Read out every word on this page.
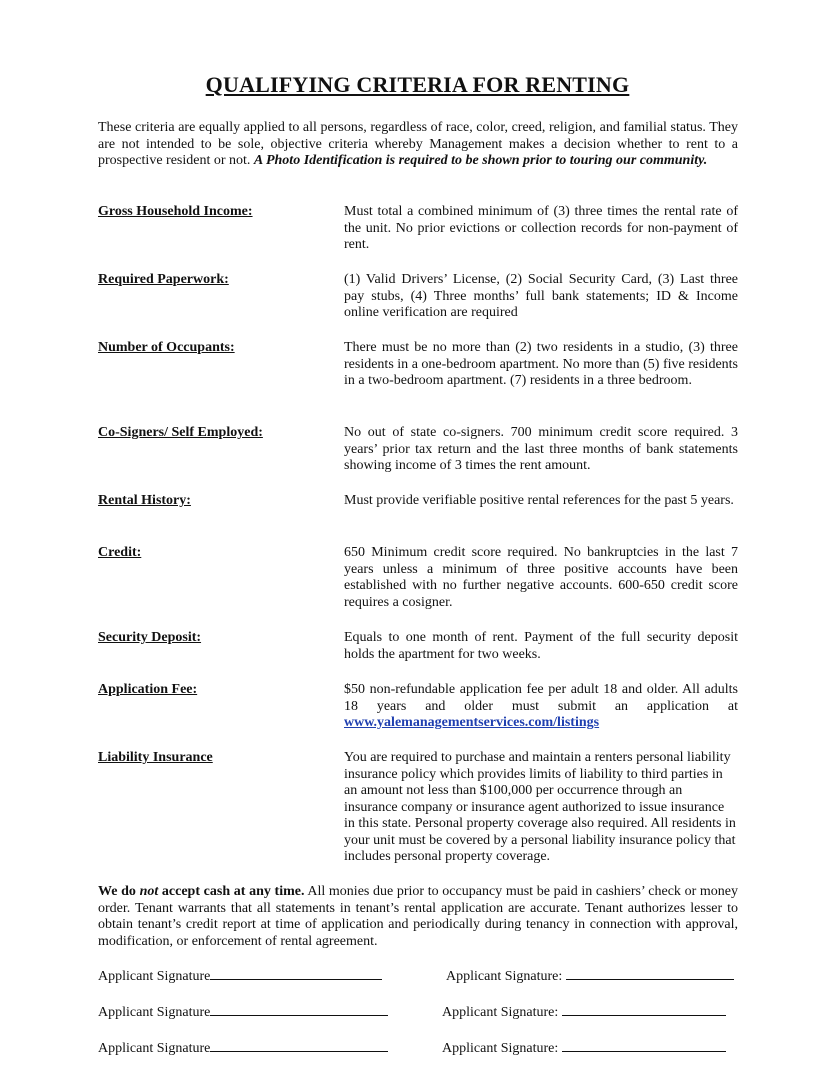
QUALIFYING CRITERIA FOR RENTING
These criteria are equally applied to all persons, regardless of race, color, creed, religion, and familial status. They are not intended to be sole, objective criteria whereby Management makes a decision whether to rent to a prospective resident or not. A Photo Identification is required to be shown prior to touring our community.
Gross Household Income:	Must total a combined minimum of (3) three times the rental rate of the unit. No prior evictions or collection records for non-payment of rent.
Required Paperwork:	(1) Valid Drivers’ License, (2) Social Security Card, (3) Last three pay stubs, (4) Three months’ full bank statements; ID & Income online verification are required
Number of Occupants:	There must be no more than (2) two residents in a studio, (3) three residents in a one-bedroom apartment. No more than (5) five residents in a two-bedroom apartment. (7) residents in a three bedroom.
Co-Signers/ Self Employed:	No out of state co-signers. 700 minimum credit score required. 3 years’ prior tax return and the last three months of bank statements showing income of 3 times the rent amount.
Rental History:	Must provide verifiable positive rental references for the past 5 years.
Credit:	650 Minimum credit score required. No bankruptcies in the last 7 years unless a minimum of three positive accounts have been established with no further negative accounts. 600-650 credit score requires a cosigner.
Security Deposit:	Equals to one month of rent. Payment of the full security deposit holds the apartment for two weeks.
Application Fee:	$50 non-refundable application fee per adult 18 and older. All adults 18 years and older must submit an application at www.yalemanagementservices.com/listings
Liability Insurance	You are required to purchase and maintain a renters personal liability insurance policy which provides limits of liability to third parties in an amount not less than $100,000 per occurrence through an insurance company or insurance agent authorized to issue insurance in this state. Personal property coverage also required. All residents in your unit must be covered by a personal liability insurance policy that includes personal property coverage.
We do not accept cash at any time. All monies due prior to occupancy must be paid in cashiers’ check or money order. Tenant warrants that all statements in tenant’s rental application are accurate. Tenant authorizes lesser to obtain tenant’s credit report at time of application and periodically during tenancy in connection with approval, modification, or enforcement of rental agreement.
Applicant Signature	Applicant Signature:
Applicant Signature	Applicant Signature:
Applicant Signature	Applicant Signature:
